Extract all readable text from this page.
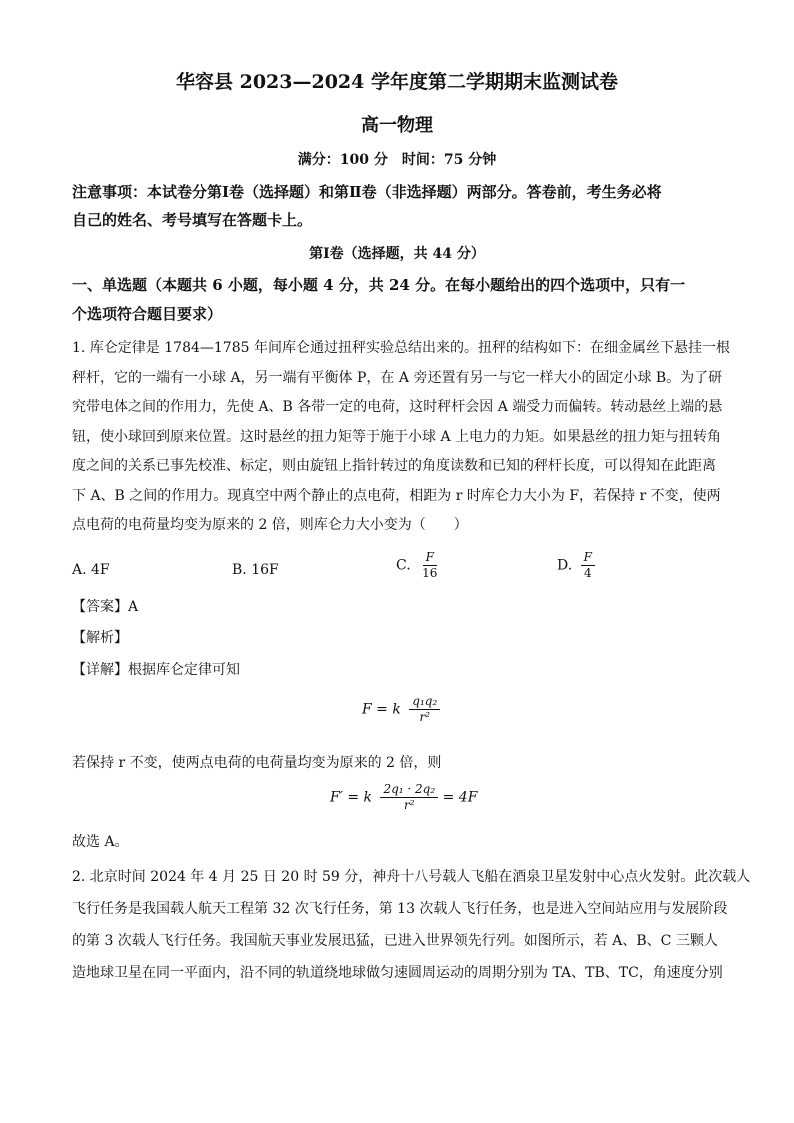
华容县 2023—2024 学年度第二学期期末监测试卷
高一物理
满分：100 分　时间：75 分钟
注意事项：本试卷分第Ⅰ卷（选择题）和第Ⅱ卷（非选择题）两部分。答卷前，考生务必将
自己的姓名、考号填写在答题卡上。
第Ⅰ卷（选择题，共 44 分）
一、单选题（本题共 6 小题，每小题 4 分，共 24 分。在每小题给出的四个选项中，只有一
个选项符合题目要求）
1. 库仑定律是 1784—1785 年间库仑通过扭秤实验总结出来的。扭秤的结构如下：在细金属丝下悬挂一根
秤杆，它的一端有一小球 A，另一端有平衡体 P，在 A 旁还置有另一与它一样大小的固定小球 B。为了研
究带电体之间的作用力，先使 A、B 各带一定的电荷，这时秤杆会因 A 端受力而偏转。转动悬丝上端的悬
钮，使小球回到原来位置。这时悬丝的扭力矩等于施于小球 A 上电力的力矩。如果悬丝的扭力矩与扭转角
度之间的关系已事先校准、标定，则由旋钮上指针转过的角度读数和已知的秤杆长度，可以得知在此距离
下 A、B 之间的作用力。现真空中两个静止的点电荷，相距为 r 时库仑力大小为 F，若保持 r 不变，使两
点电荷的电荷量均变为原来的 2 倍，则库仑力大小变为（　　）
A. 4F	B. 16F	C. $\frac{F}{16}$	D. $\frac{F}{4}$
【答案】A
【解析】
【详解】根据库仑定律可知
F = k $\frac{\text{q₁q₂}}{\text{r²}}$
若保持 r 不变，使两点电荷的电荷量均变为原来的 2 倍，则
F′ = k $\frac{\text{2q₁ · 2q₂}}{\text{r²}} = 4F$
故选 A。
2. 北京时间 2024 年 4 月 25 日 20 时 59 分，神舟十八号载人飞船在酒泉卫星发射中心点火发射。此次载人
飞行任务是我国载人航天工程第 32 次飞行任务，第 13 次载人飞行任务，也是进入空间站应用与发展阶段
的第 3 次载人飞行任务。我国航天事业发展迅猛，已进入世界领先行列。如图所示，若 A、B、C 三颗人
造地球卫星在同一平面内，沿不同的轨道绕地球做匀速圆周运动的周期分别为 TA、TB、TC，角速度分别
